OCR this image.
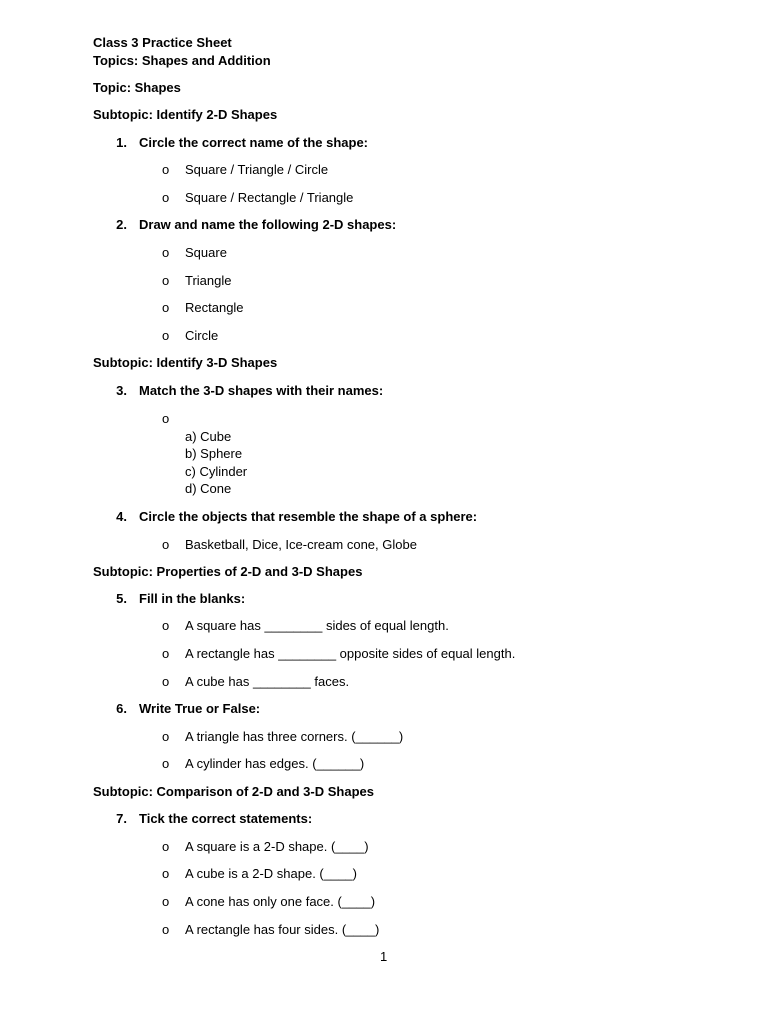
Class 3 Practice Sheet
Topics: Shapes and Addition
Topic: Shapes
Subtopic: Identify 2-D Shapes
1. Circle the correct name of the shape:
o Square / Triangle / Circle
o Square / Rectangle / Triangle
2. Draw and name the following 2-D shapes:
o Square
o Triangle
o Rectangle
o Circle
Subtopic: Identify 3-D Shapes
3. Match the 3-D shapes with their names:
o
a) Cube
b) Sphere
c) Cylinder
d) Cone
4. Circle the objects that resemble the shape of a sphere:
o Basketball, Dice, Ice-cream cone, Globe
Subtopic: Properties of 2-D and 3-D Shapes
5. Fill in the blanks:
o A square has ________ sides of equal length.
o A rectangle has ________ opposite sides of equal length.
o A cube has ________ faces.
6. Write True or False:
o A triangle has three corners. (______)
o A cylinder has edges. (______)
Subtopic: Comparison of 2-D and 3-D Shapes
7. Tick the correct statements:
o A square is a 2-D shape. (____)
o A cube is a 2-D shape. (____)
o A cone has only one face. (____)
o A rectangle has four sides. (____)
1
